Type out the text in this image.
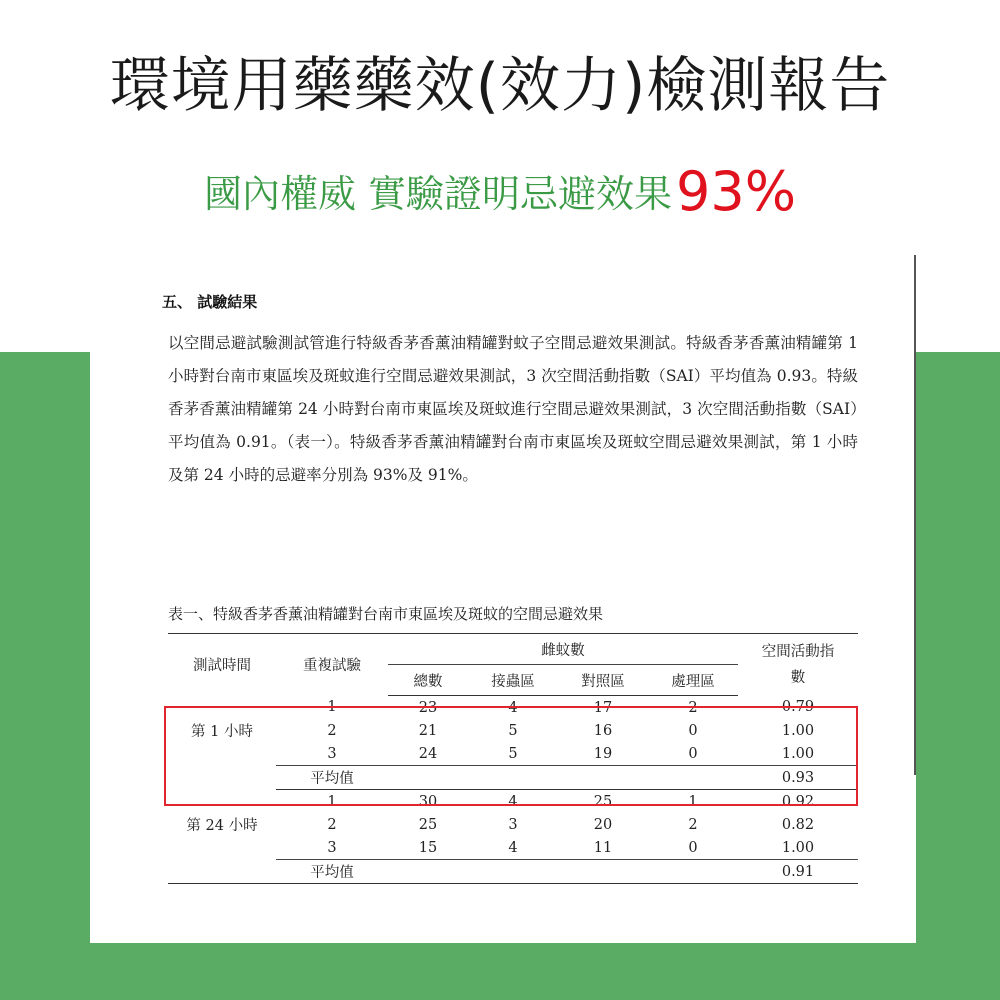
環境用藥藥效(效力)檢測報告
國內權威 實驗證明忌避效果93%
五、 試驗結果
以空間忌避試驗測試管進行特級香茅香薰油精罐對蚊子空間忌避效果測試。特級香茅香薰油精罐第 1 小時對台南市東區埃及斑蚊進行空間忌避效果測試，3 次空間活動指數（SAI）平均值為 0.93。特級香茅香薰油精罐第 24 小時對台南市東區埃及斑蚊進行空間忌避效果測試，3 次空間活動指數（SAI）平均值為 0.91。（表一）。特級香茅香薰油精罐對台南市東區埃及斑蚊空間忌避效果測試，第 1 小時及第 24 小時的忌避率分別為 93%及 91%。
表一、特級香茅香薰油精罐對台南市東區埃及斑蚊的空間忌避效果
測試時間	重複試驗	雌蚊數				空間活動指數
		總數	接蟲區	對照區	處理區	
第 1 小時	1	23	4	17	2	0.79
	2	21	5	16	0	1.00
	3	24	5	19	0	1.00
	平均值					0.93
第 24 小時	1	30	4	25	1	0.92
	2	25	3	20	2	0.82
	3	15	4	11	0	1.00
	平均值					0.91
